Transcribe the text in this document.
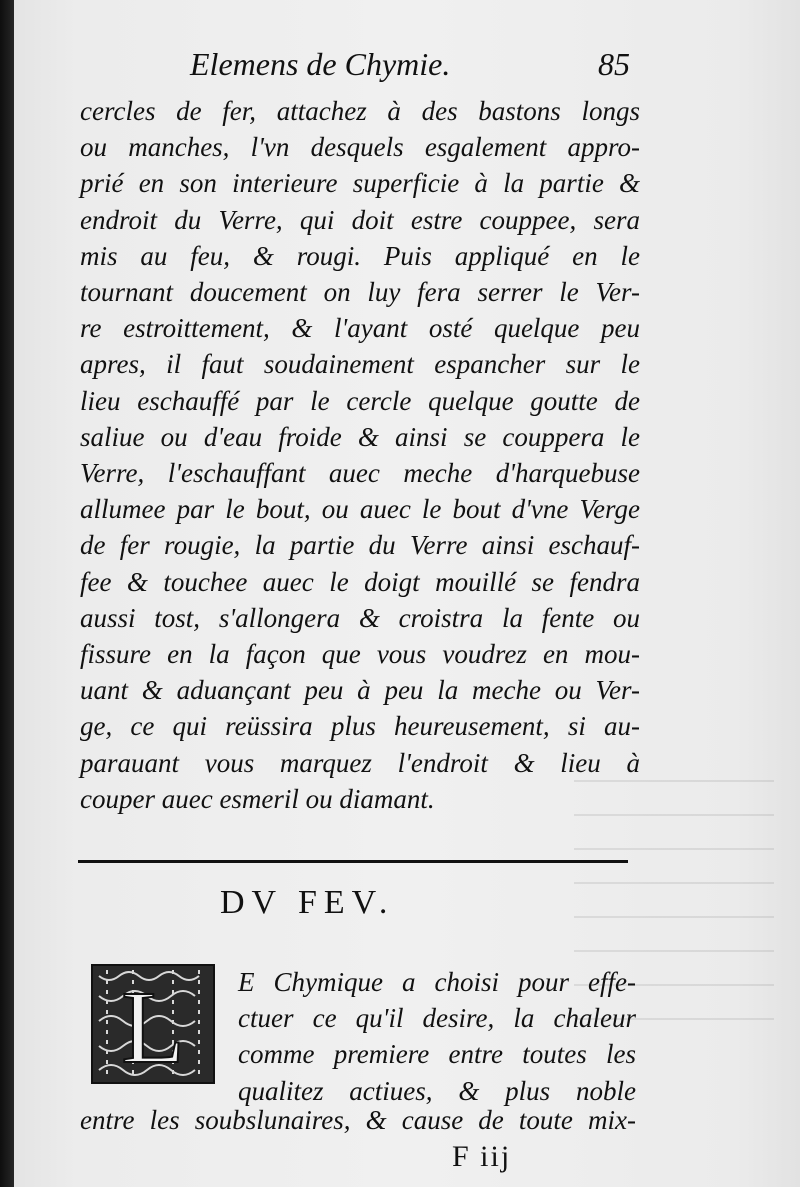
Elemens de Chymie.	85
cercles de fer, attachez à des bastons longs
ou manches, l'vn desquels esgalement appro-
prié en son interieure superficie à la partie &
endroit du Verre, qui doit estre couppee, sera
mis au feu, & rougi. Puis appliqué en le
tournant doucement on luy fera serrer le Ver-
re estroittement, & l'ayant osté quelque peu
apres, il faut soudainement espancher sur le
lieu eschauffé par le cercle quelque goutte de
saliue ou d'eau froide & ainsi se couppera le
Verre, l'eschauffant auec meche d'harquebuse
allumee par le bout, ou auec le bout d'vne Verge
de fer rougie, la partie du Verre ainsi eschauf-
fee & touchee auec le doigt mouillé se fendra
aussi tost, s'allongera & croistra la fente ou
fissure en la façon que vous voudrez en mou-
uant & aduançant peu à peu la meche ou Ver-
ge, ce qui reüssira plus heureusement, si au-
parauant vous marquez l'endroit & lieu à
couper auec esmeril ou diamant.
DV FEV.
L E Chymique a choisi pour effe-
ctuer ce qu'il desire, la chaleur
comme premiere entre toutes les
qualitez actiues, & plus noble
entre les soubslunaires, & cause de toute mix-
F iij
